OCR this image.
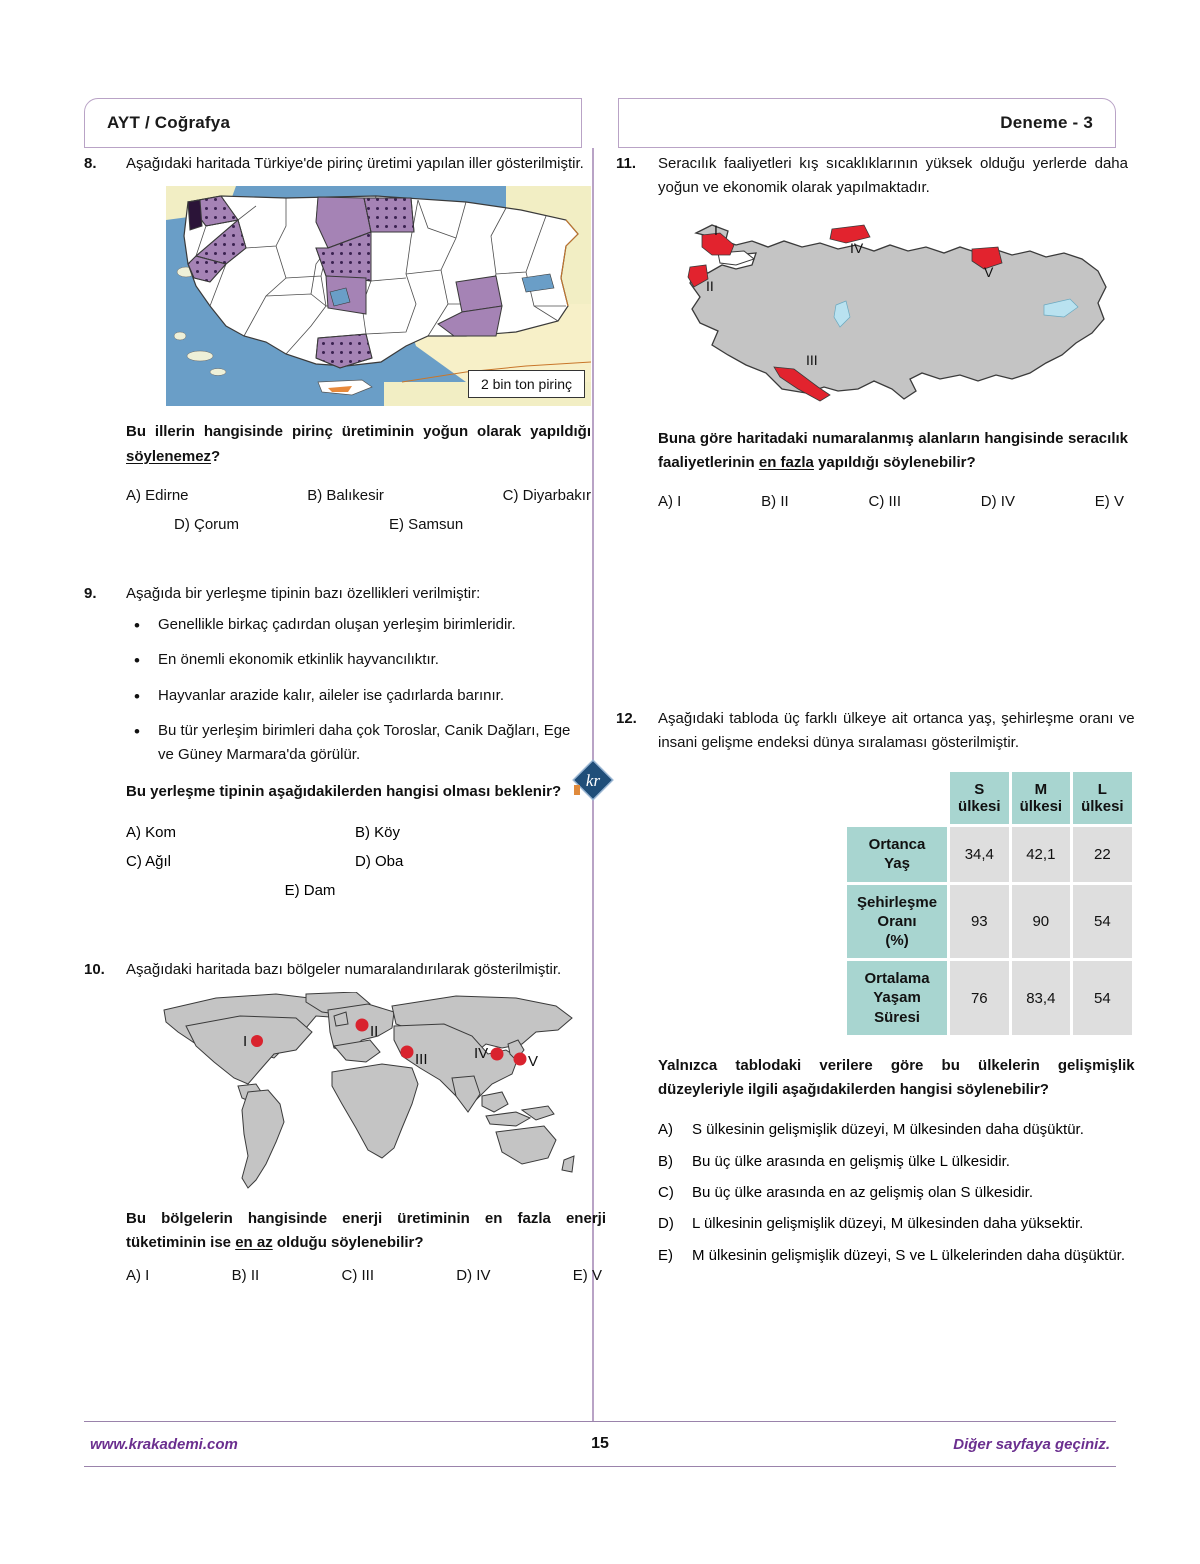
AYT / Coğrafya	Deneme - 3
8.	Aşağıdaki haritada Türkiye'de pirinç üretimi yapılan iller gösterilmiştir.
2 bin ton pirinç
Bu illerin hangisinde pirinç üretiminin yoğun olarak yapıldığı söylenemez?
A) Edirne	B) Balıkesir	C) Diyarbakır
D) Çorum	E) Samsun
9.	Aşağıda bir yerleşme tipinin bazı özellikleri verilmiştir:
• Genellikle birkaç çadırdan oluşan yerleşim birimleridir.
• En önemli ekonomik etkinlik hayvancılıktır.
• Hayvanlar arazide kalır, aileler ise çadırlarda barınır.
• Bu tür yerleşim birimleri daha çok Toroslar, Canik Dağları, Ege ve Güney Marmara'da görülür.
Bu yerleşme tipinin aşağıdakilerden hangisi olması beklenir?
A) Kom	B) Köy
C) Ağıl	D) Oba
E) Dam
10.	Aşağıdaki haritada bazı bölgeler numaralandırılarak gösterilmiştir.
I
II
III	IV	V
Bu bölgelerin hangisinde enerji üretiminin en fazla enerji tüketiminin ise en az olduğu söylenebilir?
A) I	B) II	C) III	D) IV	E) V
11.	Seracılık faaliyetleri kış sıcaklıklarının yüksek olduğu yerlerde daha yoğun ve ekonomik olarak yapılmaktadır.
I
II
III
IV
V
Buna göre haritadaki numaralanmış alanların hangisinde seracılık faaliyetlerinin en fazla yapıldığı söylenebilir?
A) I	B) II	C) III	D) IV	E) V
12.	Aşağıdaki tabloda üç farklı ülkeye ait ortanca yaş, şehirleşme oranı ve insani gelişme endeksi dünya sıralaması gösterilmiştir.
	S ülkesi	M ülkesi	L ülkesi
Ortanca Yaş	34,4	42,1	22
Şehirleşme Oranı
(%)	93	90	54
Ortalama Yaşam
Süresi	76	83,4	54
Yalnızca tablodaki verilere göre bu ülkelerin gelişmişlik düzeyleriyle ilgili aşağıdakilerden hangisi söylenebilir?
A)	S ülkesinin gelişmişlik düzeyi, M ülkesinden daha düşüktür.
B)	Bu üç ülke arasında en gelişmiş ülke L ülkesidir.
C)	Bu üç ülke arasında en az gelişmiş olan S ülkesidir.
D)	L ülkesinin gelişmişlik düzeyi, M ülkesinden daha yüksektir.
E)	M ülkesinin gelişmişlik düzeyi, S ve L ülkelerinden daha düşüktür.
kr
www.krakademi.com	15	Diğer sayfaya geçiniz.
